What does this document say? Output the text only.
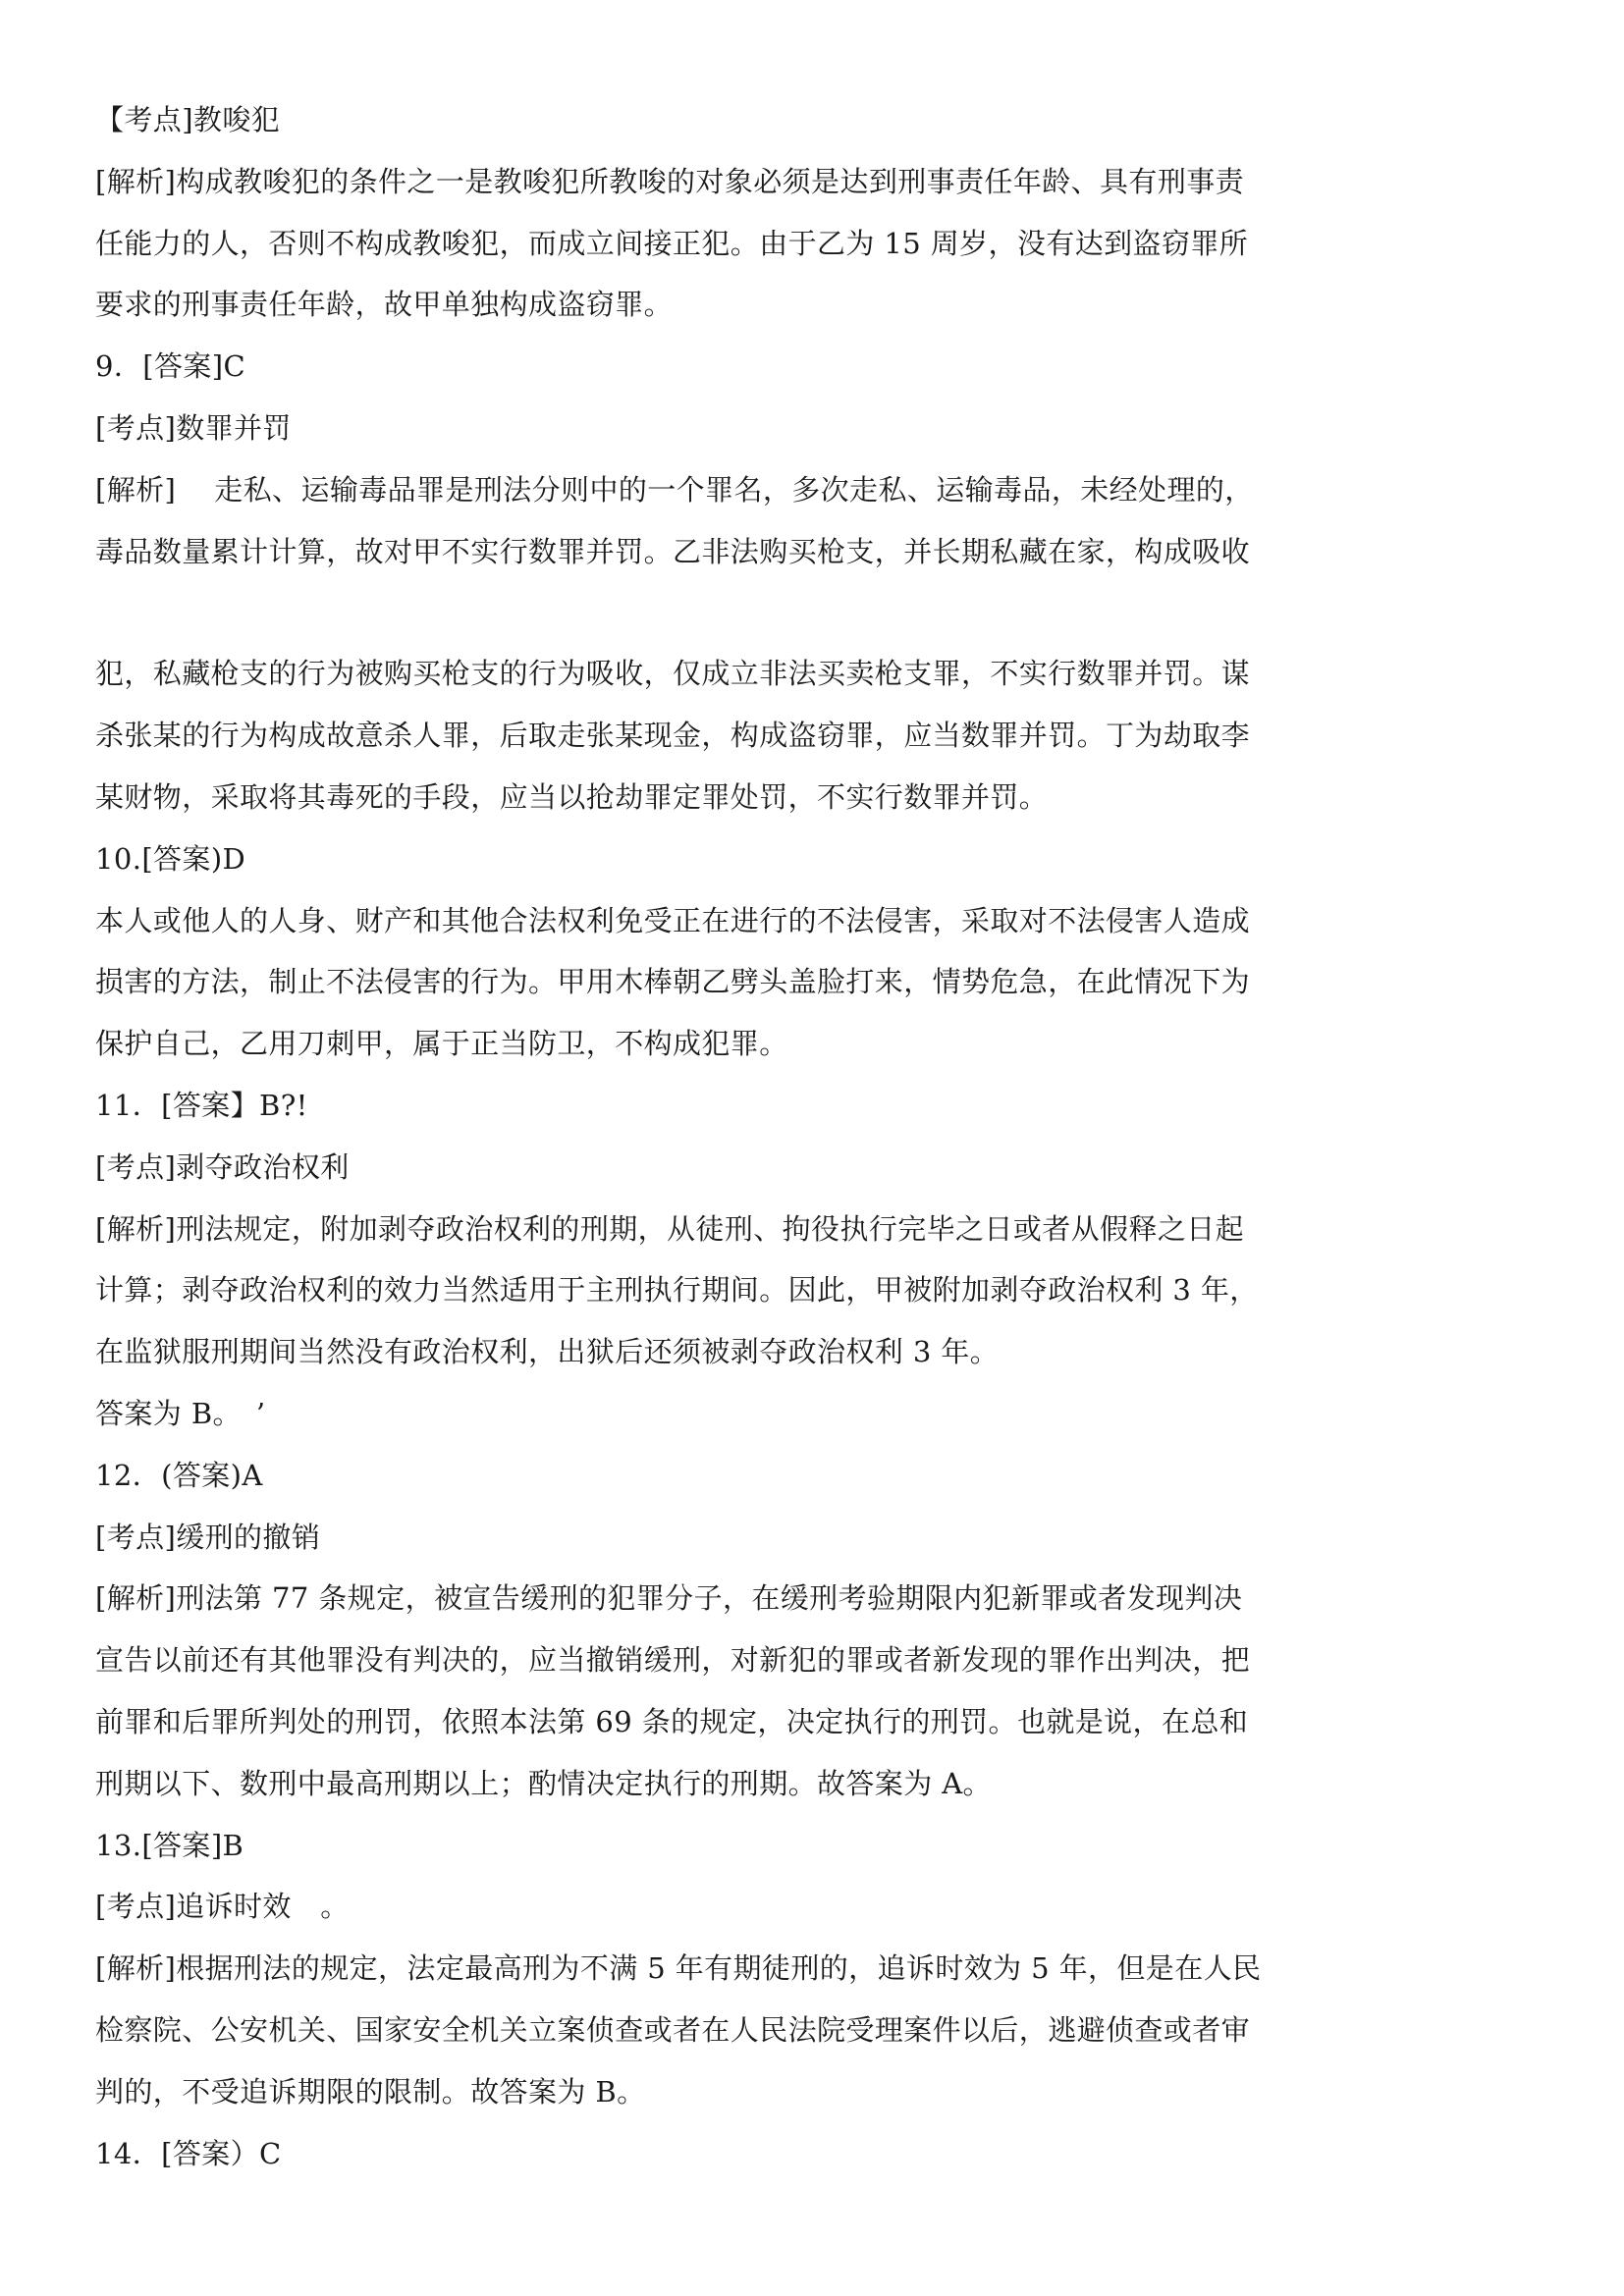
【考点]教唆犯
[解析]构成教唆犯的条件之一是教唆犯所教唆的对象必须是达到刑事责任年龄、具有刑事责
任能力的人，否则不构成教唆犯，而成立间接正犯。由于乙为 15 周岁，没有达到盗窃罪所
要求的刑事责任年龄，故甲单独构成盗窃罪。
9．[答案]C
[考点]数罪并罚
[解析]　 走私、运输毒品罪是刑法分则中的一个罪名，多次走私、运输毒品，未经处理的，
毒品数量累计计算，故对甲不实行数罪并罚。乙非法购买枪支，并长期私藏在家，构成吸收
犯，私藏枪支的行为被购买枪支的行为吸收，仅成立非法买卖枪支罪，不实行数罪并罚。谋
杀张某的行为构成故意杀人罪，后取走张某现金，构成盗窃罪，应当数罪并罚。丁为劫取李
某财物，采取将其毒死的手段，应当以抢劫罪定罪处罚，不实行数罪并罚。
10.[答案)D
本人或他人的人身、财产和其他合法权利免受正在进行的不法侵害，采取对不法侵害人造成
损害的方法，制止不法侵害的行为。甲用木棒朝乙劈头盖脸打来，情势危急，在此情况下为
保护自己，乙用刀刺甲，属于正当防卫，不构成犯罪。
11．[答案】B?!
[考点]剥夺政治权利
[解析]刑法规定，附加剥夺政治权利的刑期，从徒刑、拘役执行完毕之日或者从假释之日起
计算；剥夺政治权利的效力当然适用于主刑执行期间。因此，甲被附加剥夺政治权利 3 年，
在监狱服刑期间当然没有政治权利，出狱后还须被剥夺政治权利 3 年。
答案为 B。　’
12．(答案)A
[考点]缓刑的撤销
[解析]刑法第 77 条规定，被宣告缓刑的犯罪分子，在缓刑考验期限内犯新罪或者发现判决
宣告以前还有其他罪没有判决的，应当撤销缓刑，对新犯的罪或者新发现的罪作出判决，把
前罪和后罪所判处的刑罚，依照本法第 69 条的规定，决定执行的刑罚。也就是说，在总和
刑期以下、数刑中最高刑期以上；酌情决定执行的刑期。故答案为 A。
13.[答案]B
[考点]追诉时效　。
[解析]根据刑法的规定，法定最高刑为不满 5 年有期徒刑的，追诉时效为 5 年，但是在人民
检察院、公安机关、国家安全机关立案侦查或者在人民法院受理案件以后，逃避侦查或者审
判的，不受追诉期限的限制。故答案为 B。
14．[答案）C
